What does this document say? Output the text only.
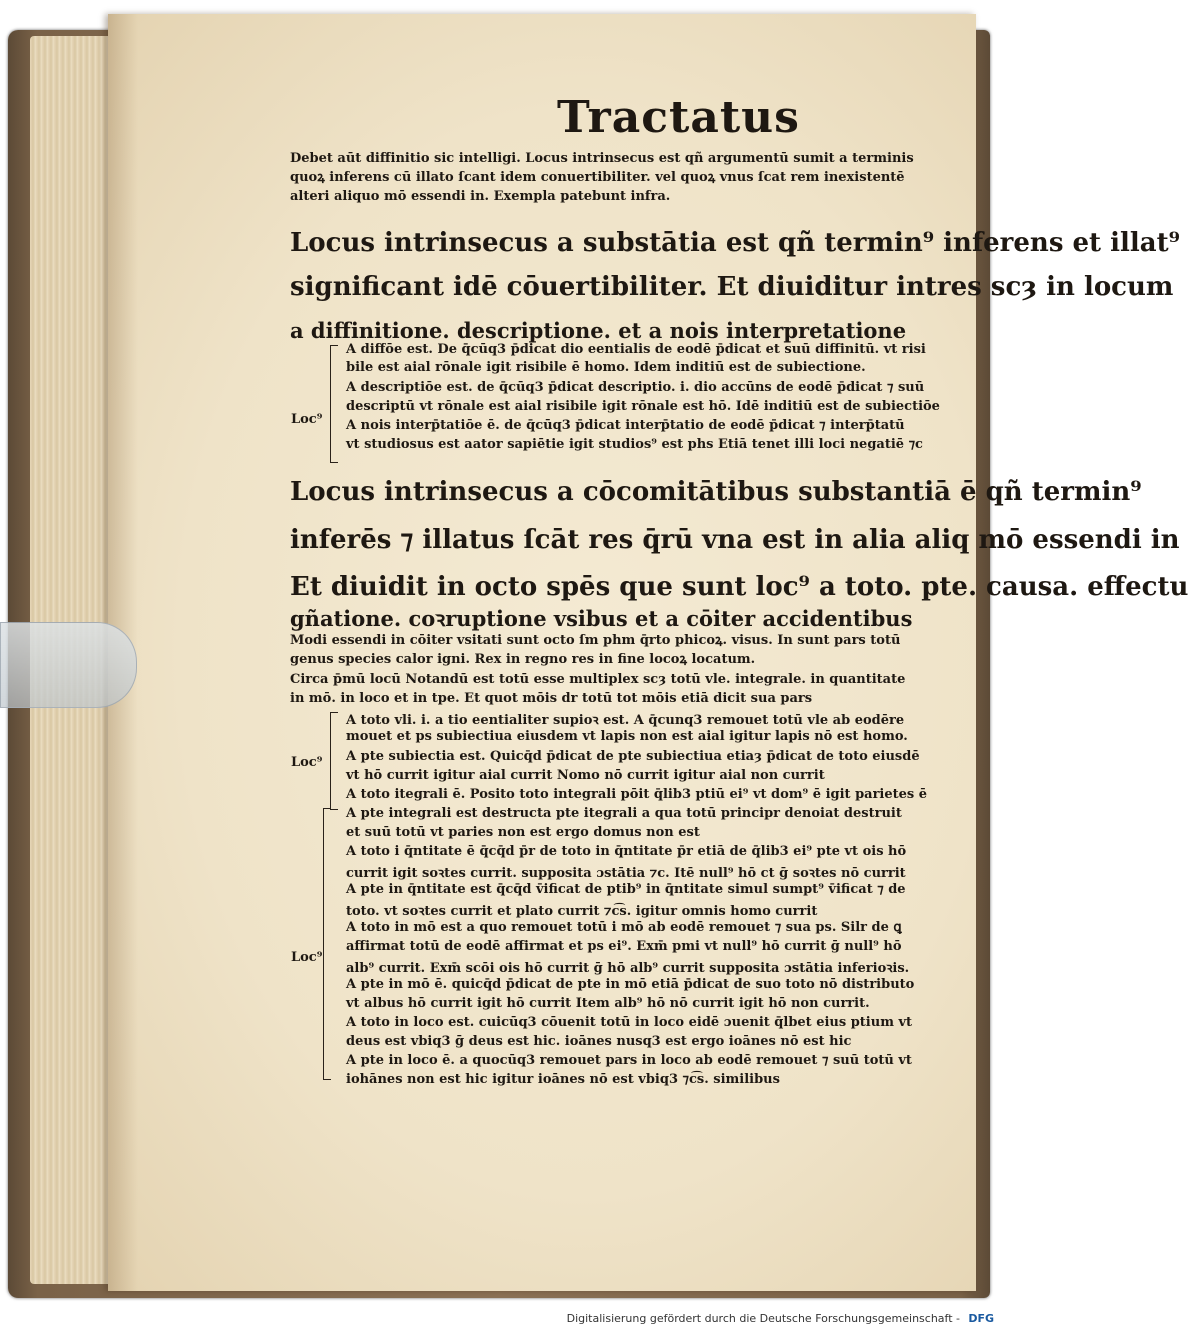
Tractatus
Debet aūt diffinitio sic intelligi. Locus intrinsecus est qñ argumentū sumit a terminis
quoꝝ inferens cū illato ſcant idem conuertibiliter. vel quoꝝ vnus ſcat rem inexistentē
alteri aliquo mō essendi in. Exempla patebunt infra.
Locus intrinsecus a substātia est qñ termin⁹ inferens et illat⁹
significant idē cōuertibiliter. Et diuiditur intres scȝ in locum
a diffinitione. descriptione. et a nois interpretatione
Loc⁹
A diffōe est. De q̄cūq3 p̄dicat dio eentialis de eodē p̄dicat et suū diffinitū. vt risi
bile est aial rōnale igit risibile ē homo. Idem inditiū est de subiectione.
A descriptiōe est. de q̄cūq3 p̄dicat descriptio. i. dio accūns de eodē p̄dicat ⁊ suū
descriptū vt rōnale est aial risibile igit rōnale est hō. Idē inditiū est de subiectiōe
A nois interp̄tatiōe ē. de q̄cūq3 p̄dicat interp̄tatio de eodē p̄dicat ⁊ interp̄tatū
vt studiosus est aator sapiētie igit studios⁹ est phs Etiā tenet illi loci negatiē ⁊c
Locus intrinsecus a cōcomitātibus substantiā ē qñ termin⁹
inferēs ⁊ illatus ſcāt res q̄rū vna est in alia aliq mō essendi in
Et diuidit in octo spēs que sunt loc⁹ a toto. pte. causa. effectu
gñatione. coꝛruptione vsibus et a cōiter accidentibus
Modi essendi in cōiter vsitati sunt octo ſm phm q̄rto phicoꝝ. visus. In sunt pars totū
genus species calor igni. Rex in regno res in fine locoꝝ locatum.
Circa p̄mū locū Notandū est totū esse multiplex scȝ totū vle. integrale. in quantitate
in mō. in loco et in tpe. Et quot mōis dr totū tot mōis etiā dicit sua pars
Loc⁹
A toto vli. i. a tio eentialiter supioꝛ est. A q̄cunq3 remouet totū vle ab eodēre
mouet et ps subiectiua eiusdem vt lapis non est aial igitur lapis nō est homo.
A pte subiectia est. Quicq̄d p̄dicat de pte subiectiua etiaȝ p̄dicat de toto eiusdē
vt hō currit igitur aial currit Nomo nō currit igitur aial non currit
A toto itegrali ē. Posito toto integrali pōit q̄lib3 ptiū ei⁹ vt dom⁹ ē igit parietes ē
Loc⁹
A pte integrali est destructa pte itegrali a qua totū principr denoiat destruit
et suū totū vt paries non est ergo domus non est
A toto i q̄ntitate ē q̄cq̄d p̄r de toto in q̄ntitate p̄r etiā de q̄lib3 ei⁹ pte vt ois hō
currit igit soꝛtes currit. supposita ɔstātia ⁊c. Itē null⁹ hō ct ḡ soꝛtes nō currit
A pte in q̄ntitate est q̄cq̄d v̄ificat de ptib⁹ in q̄ntitate simul sumpt⁹ v̄ificat ⁊ de
toto. vt soꝛtes currit et plato currit ⁊c͡s. igitur omnis homo currit
A toto in mō est a quo remouet totū i mō ab eodē remouet ⁊ sua ps. Silr de ꝗ
affirmat totū de eodē affirmat et ps ei⁹. Exm̄ pmi vt null⁹ hō currit ḡ null⁹ hō
alb⁹ currit. Exm̄ scōi ois hō currit ḡ hō alb⁹ currit supposita ɔstātia inferioꝛis.
A pte in mō ē. quicq̄d p̄dicat de pte in mō etiā p̄dicat de suo toto nō distributo
vt albus hō currit igit hō currit Item alb⁹ hō nō currit igit hō non currit.
A toto in loco est. cuicūq3 cōuenit totū in loco eidē ɔuenit q̄lbet eius ptium vt
deus est vbiq3 ḡ deus est hic. ioānes nusq3 est ergo ioānes nō est hic
A pte in loco ē. a quocūq3 remouet pars in loco ab eodē remouet ⁊ suū totū vt
iohānes non est hic igitur ioānes nō est vbiq3 ⁊c͡s. similibus
Digitalisierung gefördert durch die Deutsche Forschungsgemeinschaft - DFG
